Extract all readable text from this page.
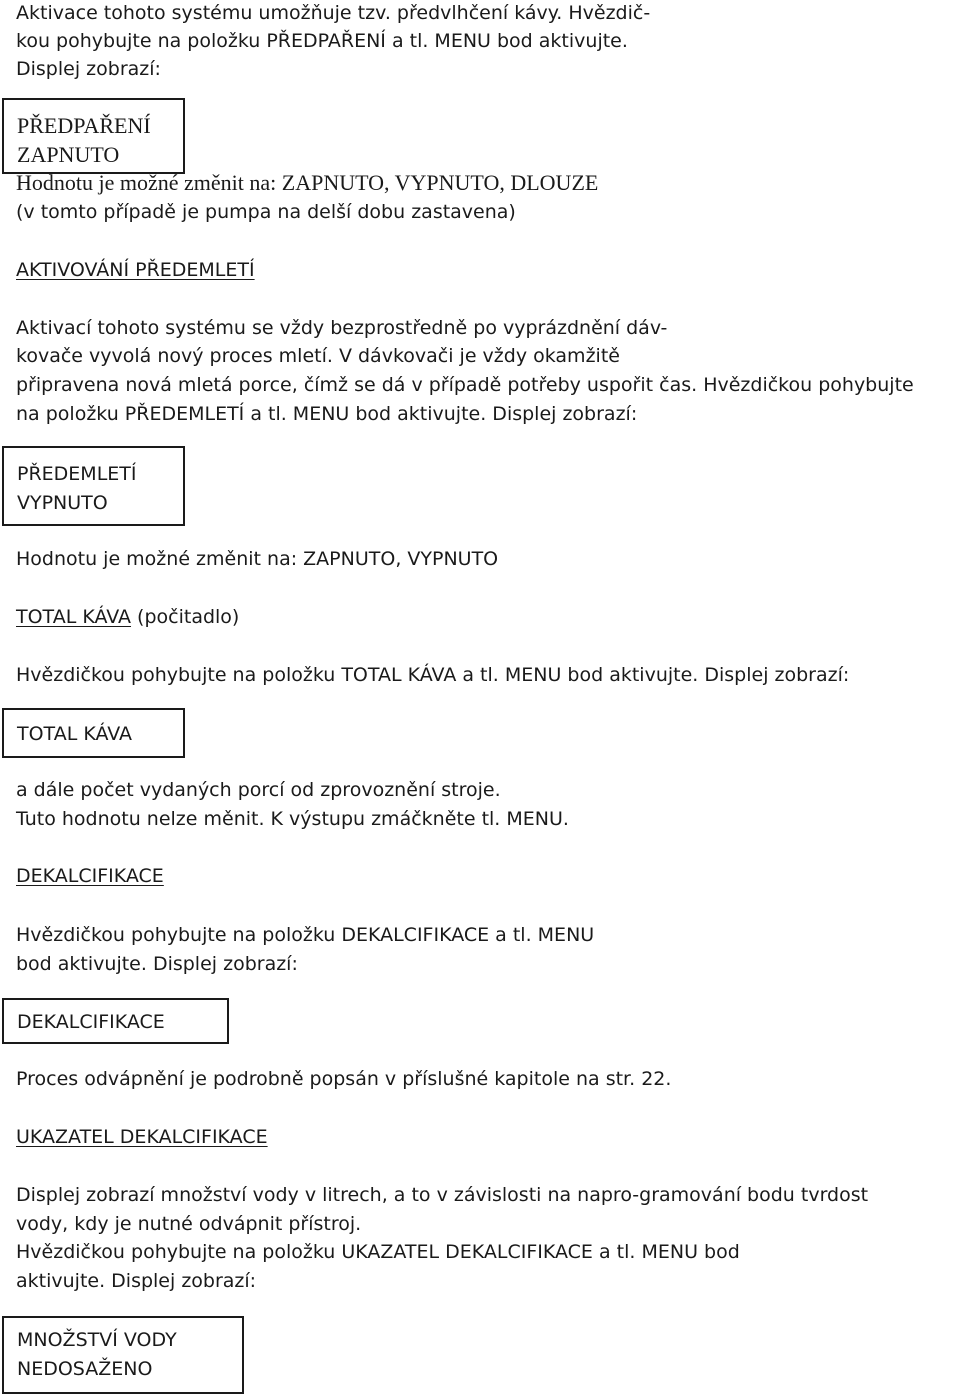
Aktivace tohoto systému umožňuje tzv. předvlhčení kávy. Hvězdič-
kou pohybujte na položku PŘEDPAŘENÍ a tl. MENU bod aktivujte.
Displej zobrazí:
PŘEDPAŘENÍ
ZAPNUTO
Hodnotu je možné změnit na: ZAPNUTO, VYPNUTO, DLOUZE
(v tomto případě je pumpa na delší dobu zastavena)
AKTIVOVÁNÍ PŘEDEMLETÍ
Aktivací tohoto systému se vždy bezprostředně po vyprázdnění dáv-
kovače vyvolá nový proces mletí. V dávkovači je vždy okamžitě
připravena nová mletá porce, čímž se dá v případě potřeby uspořit čas. Hvězdičkou pohybujte
na položku PŘEDEMLETÍ a tl. MENU bod aktivujte. Displej zobrazí:
PŘEDEMLETÍ
VYPNUTO
Hodnotu je možné změnit na: ZAPNUTO, VYPNUTO
TOTAL KÁVA (počitadlo)
Hvězdičkou pohybujte na položku TOTAL KÁVA a tl. MENU bod aktivujte. Displej zobrazí:
TOTAL KÁVA
a dále počet vydaných porcí od zprovoznění stroje.
Tuto hodnotu nelze měnit. K výstupu zmáčkněte tl. MENU.
DEKALCIFIKACE
Hvězdičkou pohybujte na položku DEKALCIFIKACE a tl. MENU
bod aktivujte. Displej zobrazí:
DEKALCIFIKACE
Proces odvápnění je podrobně popsán v příslušné kapitole na str. 22.
UKAZATEL DEKALCIFIKACE
Displej zobrazí množství vody v litrech, a to v závislosti na napro-gramování bodu tvrdost
vody, kdy je nutné odvápnit přístroj.
Hvězdičkou pohybujte na položku UKAZATEL DEKALCIFIKACE a tl. MENU bod
aktivujte. Displej zobrazí:
MNOŽSTVÍ VODY
NEDOSAŽENO
